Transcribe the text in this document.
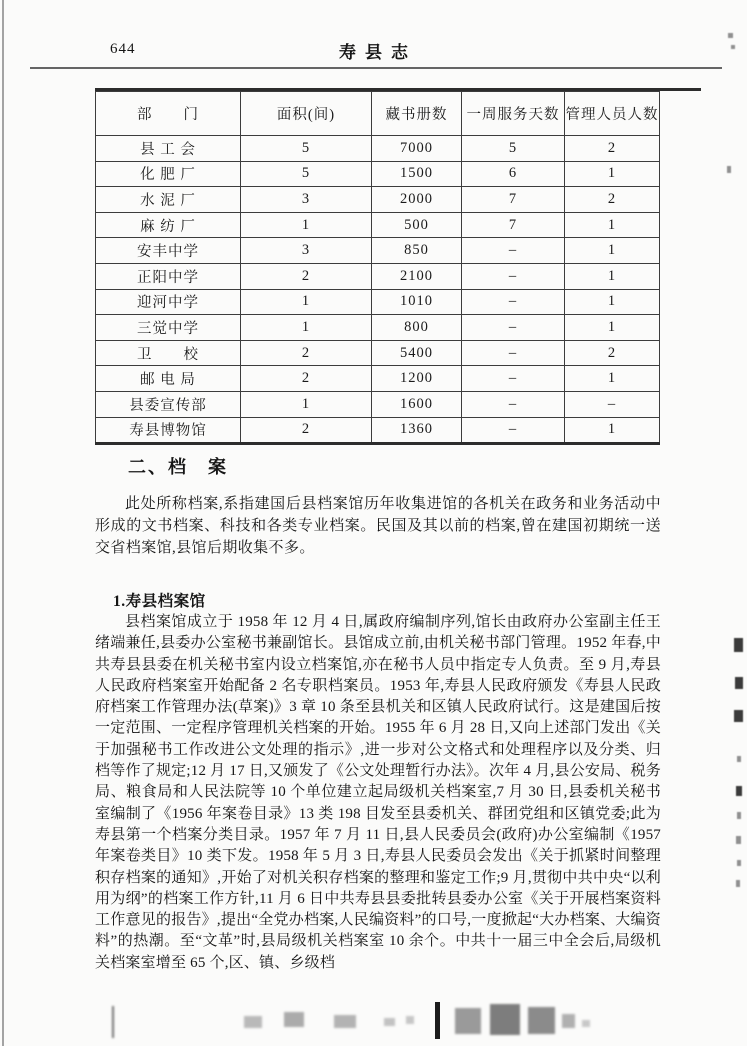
644	寿县志
部　　门	面积(间)	藏书册数	一周服务天数	管理人员人数
县 工 会	5	7000	5	2
化 肥 厂	5	1500	6	1
水 泥 厂	3	2000	7	2
麻 纺 厂	1	500	7	1
安丰中学	3	850	–	1
正阳中学	2	2100	–	1
迎河中学	1	1010	–	1
三觉中学	1	800	–	1
卫　　校	2	5400	–	2
邮 电 局	2	1200	–	1
县委宣传部	1	1600	–	–
寿县博物馆	2	1360	–	1
二、档　案

此处所称档案,系指建国后县档案馆历年收集进馆的各机关在政务和业务活动中形成的文书档案、科技和各类专业档案。民国及其以前的档案,曾在建国初期统一送交省档案馆,县馆后期收集不多。

1.寿县档案馆

县档案馆成立于 1958 年 12 月 4 日,属政府编制序列,馆长由政府办公室副主任王绪端兼任,县委办公室秘书兼副馆长。县馆成立前,由机关秘书部门管理。1952 年春,中共寿县县委在机关秘书室内设立档案馆,亦在秘书人员中指定专人负责。至 9 月,寿县人民政府档案室开始配备 2 名专职档案员。1953 年,寿县人民政府颁发《寿县人民政府档案工作管理办法(草案)》3 章 10 条至县机关和区镇人民政府试行。这是建国后按一定范围、一定程序管理机关档案的开始。1955 年 6 月 28 日,又向上述部门发出《关于加强秘书工作改进公文处理的指示》,进一步对公文格式和处理程序以及分类、归档等作了规定;12 月 17 日,又颁发了《公文处理暂行办法》。次年 4 月,县公安局、税务局、粮食局和人民法院等 10 个单位建立起局级机关档案室,7 月 30 日,县委机关秘书室编制了《1956 年案卷目录》13 类 198 目发至县委机关、群团党组和区镇党委;此为寿县第一个档案分类目录。1957 年 7 月 11 日,县人民委员会(政府)办公室编制《1957 年案卷类目》10 类下发。1958 年 5 月 3 日,寿县人民委员会发出《关于抓紧时间整理积存档案的通知》,开始了对机关积存档案的整理和鉴定工作;9 月,贯彻中共中央“以利用为纲”的档案工作方针,11 月 6 日中共寿县县委批转县委办公室《关于开展档案资料工作意见的报告》,提出“全党办档案,人民编资料”的口号,一度掀起“大办档案、大编资料”的热潮。至“文革”时,县局级机关档案室 10 余个。中共十一届三中全会后,局级机关档案室增至 65 个,区、镇、乡级档
